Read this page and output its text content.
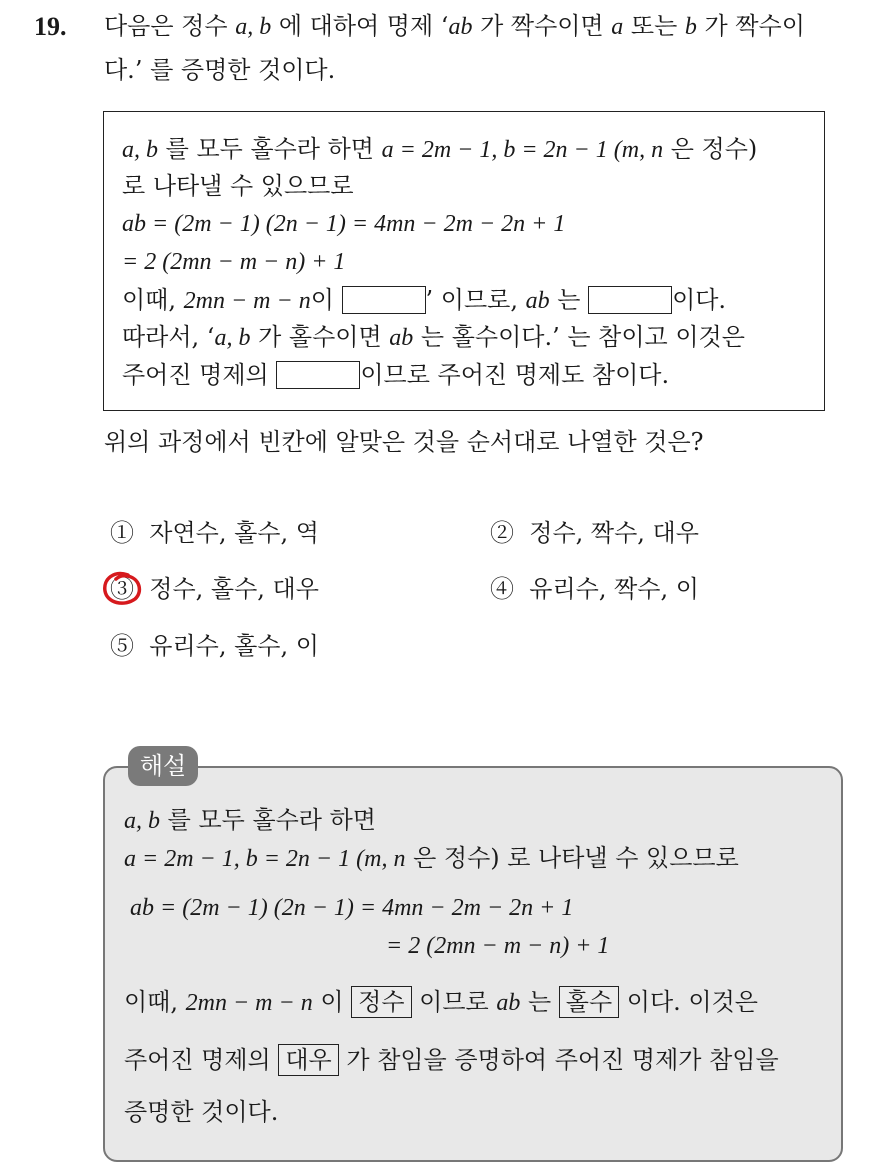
19. 다음은 정수 a, b 에 대하여 명제 ‘ab 가 짝수이면 a 또는 b 가 짝수이
다.’ 를 증명한 것이다.
a, b 를 모두 홀수라 하면 a = 2m − 1, b = 2n − 1 (m, n 은 정수)
로 나타낼 수 있으므로
ab = (2m − 1) (2n − 1) = 4mn − 2m − 2n + 1
= 2 (2mn − m − n) + 1
이때, 2mn − m − n이	’ 이므로, ab 는	이다.
따라서, ‘a, b 가 홀수이면 ab 는 홀수이다.’ 는 참이고 이것은
주어진 명제의	이므로 주어진 명제도 참이다.
위의 과정에서 빈칸에 알맞은 것을 순서대로 나열한 것은?
① 자연수, 홀수, 역	② 정수, 짝수, 대우
③ 정수, 홀수, 대우	④ 유리수, 짝수, 이
⑤ 유리수, 홀수, 이
해설
a, b 를 모두 홀수라 하면
a = 2m − 1, b = 2n − 1 (m, n 은 정수) 로 나타낼 수 있으므로
ab = (2m − 1) (2n − 1) = 4mn − 2m − 2n + 1
= 2 (2mn − m − n) + 1
이때, 2mn − m − n 이 정수 이므로 ab 는 홀수 이다. 이것은
주어진 명제의 대우 가 참임을 증명하여 주어진 명제가 참임을
증명한 것이다.
